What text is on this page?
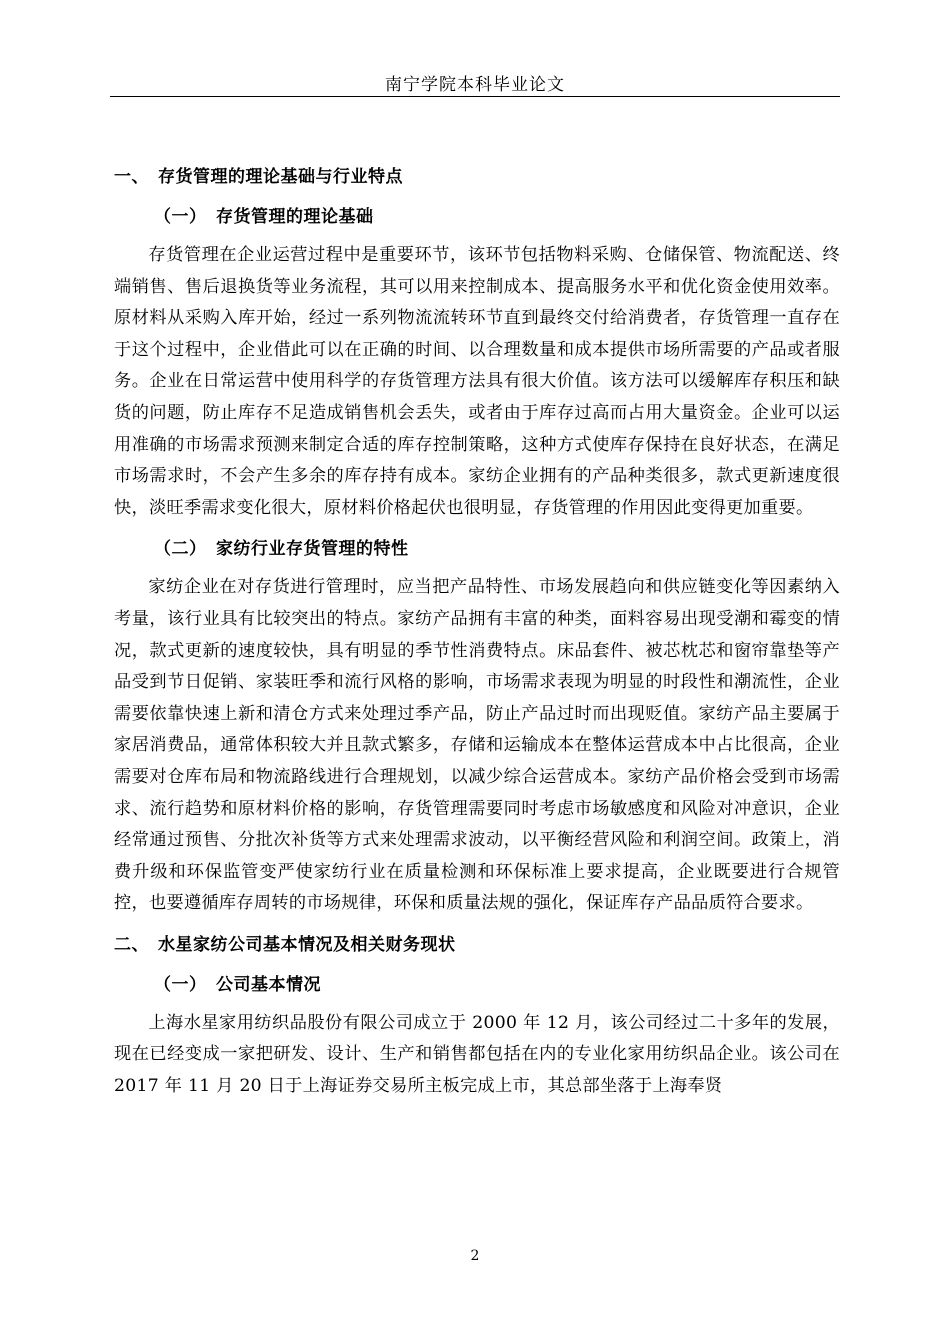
南宁学院本科毕业论文
一、 存货管理的理论基础与行业特点
（一） 存货管理的理论基础

存货管理在企业运营过程中是重要环节，该环节包括物料采购、仓储保管、物流配送、终端销售、售后退换货等业务流程，其可以用来控制成本、提高服务水平和优化资金使用效率。原材料从采购入库开始，经过一系列物流流转环节直到最终交付给消费者，存货管理一直存在于这个过程中，企业借此可以在正确的时间、以合理数量和成本提供市场所需要的产品或者服务。企业在日常运营中使用科学的存货管理方法具有很大价值。该方法可以缓解库存积压和缺货的问题，防止库存不足造成销售机会丢失，或者由于库存过高而占用大量资金。企业可以运用准确的市场需求预测来制定合适的库存控制策略，这种方式使库存保持在良好状态，在满足市场需求时，不会产生多余的库存持有成本。家纺企业拥有的产品种类很多，款式更新速度很快，淡旺季需求变化很大，原材料价格起伏也很明显，存货管理的作用因此变得更加重要。

（二） 家纺行业存货管理的特性

家纺企业在对存货进行管理时，应当把产品特性、市场发展趋向和供应链变化等因素纳入考量，该行业具有比较突出的特点。家纺产品拥有丰富的种类，面料容易出现受潮和霉变的情况，款式更新的速度较快，具有明显的季节性消费特点。床品套件、被芯枕芯和窗帘靠垫等产品受到节日促销、家装旺季和流行风格的影响，市场需求表现为明显的时段性和潮流性，企业需要依靠快速上新和清仓方式来处理过季产品，防止产品过时而出现贬值。家纺产品主要属于家居消费品，通常体积较大并且款式繁多，存储和运输成本在整体运营成本中占比很高，企业需要对仓库布局和物流路线进行合理规划，以减少综合运营成本。家纺产品价格会受到市场需求、流行趋势和原材料价格的影响，存货管理需要同时考虑市场敏感度和风险对冲意识，企业经常通过预售、分批次补货等方式来处理需求波动，以平衡经营风险和利润空间。政策上，消费升级和环保监管变严使家纺行业在质量检测和环保标准上要求提高，企业既要进行合规管控，也要遵循库存周转的市场规律，环保和质量法规的强化，保证库存产品品质符合要求。

二、 水星家纺公司基本情况及相关财务现状
（一） 公司基本情况

上海水星家用纺织品股份有限公司成立于 2000 年 12 月，该公司经过二十多年的发展，现在已经变成一家把研发、设计、生产和销售都包括在内的专业化家用纺织品企业。该公司在 2017 年 11 月 20 日于上海证券交易所主板完成上市，其总部坐落于上海奉贤

2
